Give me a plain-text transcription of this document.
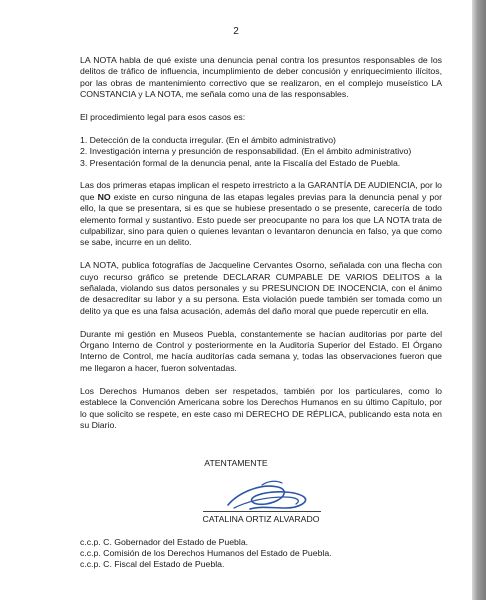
2

LA NOTA habla de qué existe una denuncia penal contra los presuntos responsables de los delitos de tráfico de influencia, incumplimiento de deber concusión y enriquecimiento ilícitos, por las obras de mantenimiento correctivo que se realizaron, en el complejo museístico LA CONSTANCIA y LA NOTA, me señala como una de las responsables.

El procedimiento legal para esos casos es:

1. Detección de la conducta irregular. (En el ámbito administrativo)
2. Investigación interna y presunción de responsabilidad. (En el ámbito administrativo)
3. Presentación formal de la denuncia penal, ante la Fiscalía del Estado de Puebla.

Las dos primeras etapas implican el respeto irrestricto a la GARANTÍA DE AUDIENCIA, por lo que NO existe en curso ninguna de las etapas legales previas para la denuncia penal y por ello, la que se presentara, si es que se hubiese presentado o se presente, carecería de todo elemento formal y sustantivo. Esto puede ser preocupante no para los que LA NOTA trata de culpabilizar, sino para quien o quienes levantan o levantaron denuncia en falso, ya que como se sabe, incurre en un delito.

LA NOTA, publica fotografías de Jacqueline Cervantes Osorno, señalada con una flecha con cuyo recurso gráfico se pretende DECLARAR CUMPABLE DE VARIOS DELITOS a la señalada, violando sus datos personales y su PRESUNCION DE INOCENCIA, con el ánimo de desacreditar su labor y a su persona. Esta violación puede también ser tomada como un delito ya que es una falsa acusación, además del daño moral que puede repercutir en ella.

Durante mi gestión en Museos Puebla, constantemente se hacían auditorias por parte del Órgano Interno de Control y posteriormente en la Auditoría Superior del Estado. El Órgano Interno de Control, me hacía auditorías cada semana y, todas las observaciones fueron que me llegaron a hacer, fueron solventadas.

Los Derechos Humanos deben ser respetados, también por los particulares, como lo establece la Convención Americana sobre los Derechos Humanos en su último Capítulo, por lo que solicito se respete, en este caso mi DERECHO DE RÉPLICA, publicando esta nota en su Diario.

ATENTAMENTE
CATALINA ORTIZ ALVARADO
c.c.p. C. Gobernador del Estado de Puebla.
c.c.p. Comisión de los Derechos Humanos del Estado de Puebla.
c.c.p. C. Fiscal del Estado de Puebla.
